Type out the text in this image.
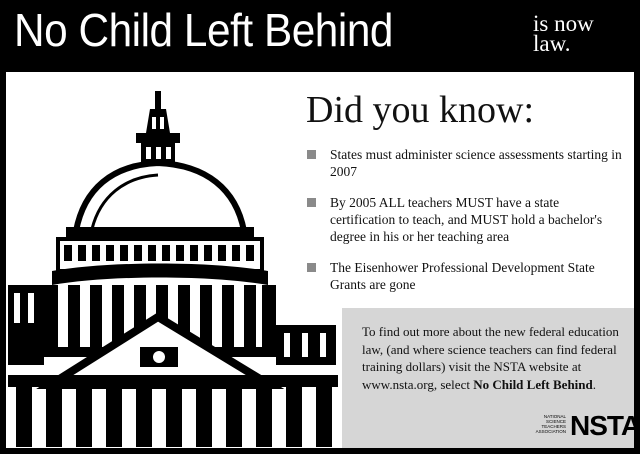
No Child Left Behind	is now
law.
Did you know:
States must administer science assessments starting in 2007
By 2005 ALL teachers MUST have a state certification to teach, and MUST hold a bachelor's degree in his or her teaching area
The Eisenhower Professional Development State Grants are gone
To find out more about the new federal education law, (and where science teachers can find federal training dollars) visit the NSTA website at www.nsta.org, select No Child Left Behind.
NATIONAL
SCIENCE
TEACHERS
ASSOCIATION NSTA
